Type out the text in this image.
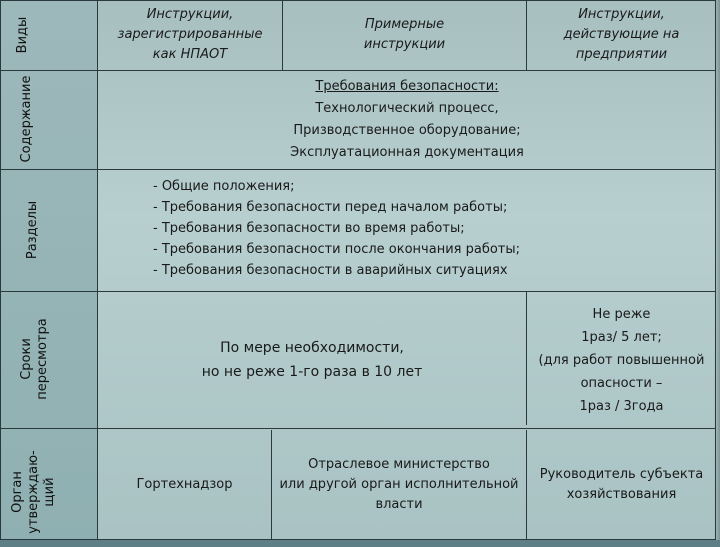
Виды
Содержание
Разделы
Сроки
пересмотра
Орган
утверждаю-
щий
Инструкции,
зарегистрированные
как НПАОТ
Примерные
инструкции
Инструкции,
действующие на
предприятии
Требования безопасности:
Технологический процесс,
Призводственное оборудование;
Эксплуатационная документация
- Общие положения;
- Требования безопасности перед началом работы;
- Требования безопасности во время работы;
- Требования безопасности после окончания работы;
- Требования безопасности в аварийных ситуациях
По мере необходимости,
но не реже 1-го раза в 10 лет
Не реже
1раз/ 5 лет;
(для работ повышенной
опасности –
1раз / 3года
Гортехнадзор
Отраслевое министерство
или другой орган исполнительной
власти
Руководитель субъекта
хозяйствования
